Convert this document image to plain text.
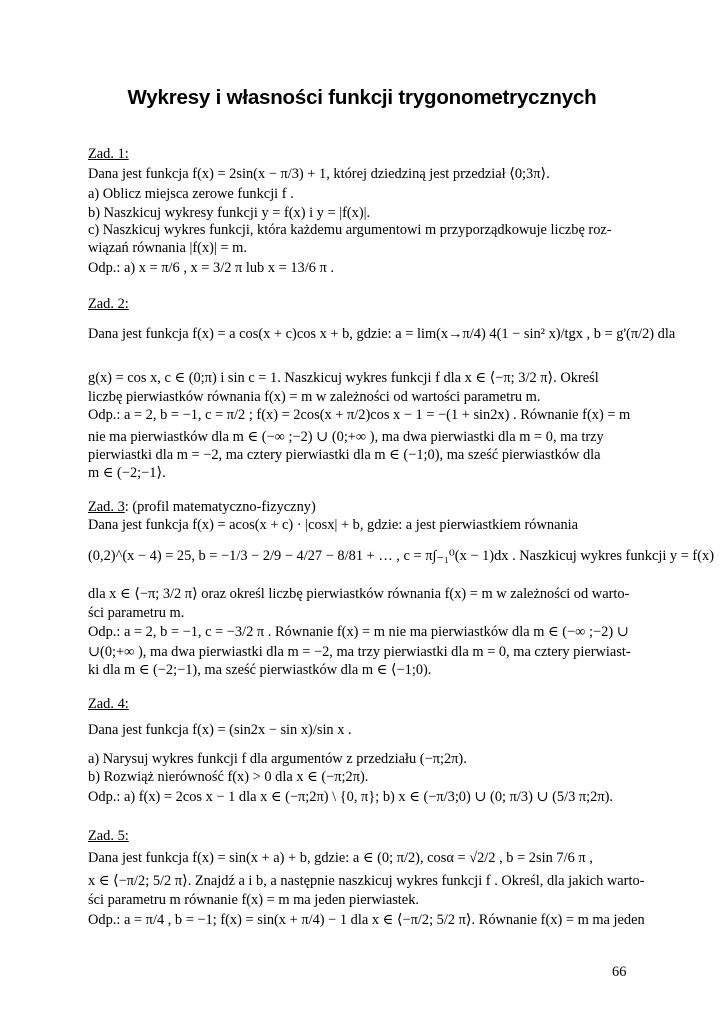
Wykresy i własności funkcji trygonometrycznych
Zad. 1:
Dana jest funkcja f(x) = 2sin(x − π/3) + 1, której dziedziną jest przedział ⟨0;3π⟩.
a) Oblicz miejsca zerowe funkcji f .
b) Naszkicuj wykresy funkcji y = f(x) i y = |f(x)|.
c) Naszkicuj wykres funkcji, która każdemu argumentowi m przyporządkowuje liczbę roz-
wiązań równania |f(x)| = m.
Odp.: a) x = π/6 , x = 3/2 π lub x = 13/6 π .
Zad. 2:
Dana jest funkcja f(x) = a cos(x + c)cos x + b, gdzie: a = lim(x→π/4) 4(1 − sin² x)/tgx , b = g'(π/2) dla
g(x) = cos x, c ∈ (0;π) i sin c = 1. Naszkicuj wykres funkcji f dla x ∈ ⟨−π; 3/2 π⟩. Określ
liczbę pierwiastków równania f(x) = m w zależności od wartości parametru m.
Odp.: a = 2, b = −1, c = π/2 ; f(x) = 2cos(x + π/2)cos x − 1 = −(1 + sin2x) . Równanie f(x) = m
nie ma pierwiastków dla m ∈ (−∞ ;−2) ∪ (0;+∞ ), ma dwa pierwiastki dla m = 0, ma trzy
pierwiastki dla m = −2, ma cztery pierwiastki dla m ∈ (−1;0), ma sześć pierwiastków dla
m ∈ (−2;−1⟩.
Zad. 3: (profil matematyczno-fizyczny)
Dana jest funkcja f(x) = acos(x + c) · |cosx| + b, gdzie: a jest pierwiastkiem równania
(0,2)^(x − 4) = 25, b = −1/3 − 2/9 − 4/27 − 8/81 + … , c = π∫₋₁⁰(x − 1)dx . Naszkicuj wykres funkcji y = f(x)
dla x ∈ ⟨−π; 3/2 π⟩ oraz określ liczbę pierwiastków równania f(x) = m w zależności od warto-
ści parametru m.
Odp.: a = 2, b = −1, c = −3/2 π . Równanie f(x) = m nie ma pierwiastków dla m ∈ (−∞ ;−2) ∪
∪(0;+∞ ), ma dwa pierwiastki dla m = −2, ma trzy pierwiastki dla m = 0, ma cztery pierwiast-
ki dla m ∈ (−2;−1), ma sześć pierwiastków dla m ∈ ⟨−1;0).
Zad. 4:
Dana jest funkcja f(x) = (sin2x − sin x)/sin x .
a) Narysuj wykres funkcji f dla argumentów z przedziału (−π;2π).
b) Rozwiąż nierówność f(x) > 0 dla x ∈ (−π;2π).
Odp.: a) f(x) = 2cos x − 1 dla x ∈ (−π;2π) \ {0, π}; b) x ∈ (−π/3;0) ∪ (0; π/3) ∪ (5/3 π;2π).
Zad. 5:
Dana jest funkcja f(x) = sin(x + a) + b, gdzie: a ∈ (0; π/2), cosα = √2/2 , b = 2sin 7/6 π ,
x ∈ ⟨−π/2; 5/2 π⟩. Znajdź a i b, a następnie naszkicuj wykres funkcji f . Określ, dla jakich warto-
ści parametru m równanie f(x) = m ma jeden pierwiastek.
Odp.: a = π/4 , b = −1; f(x) = sin(x + π/4) − 1 dla x ∈ ⟨−π/2; 5/2 π⟩. Równanie f(x) = m ma jeden
66
